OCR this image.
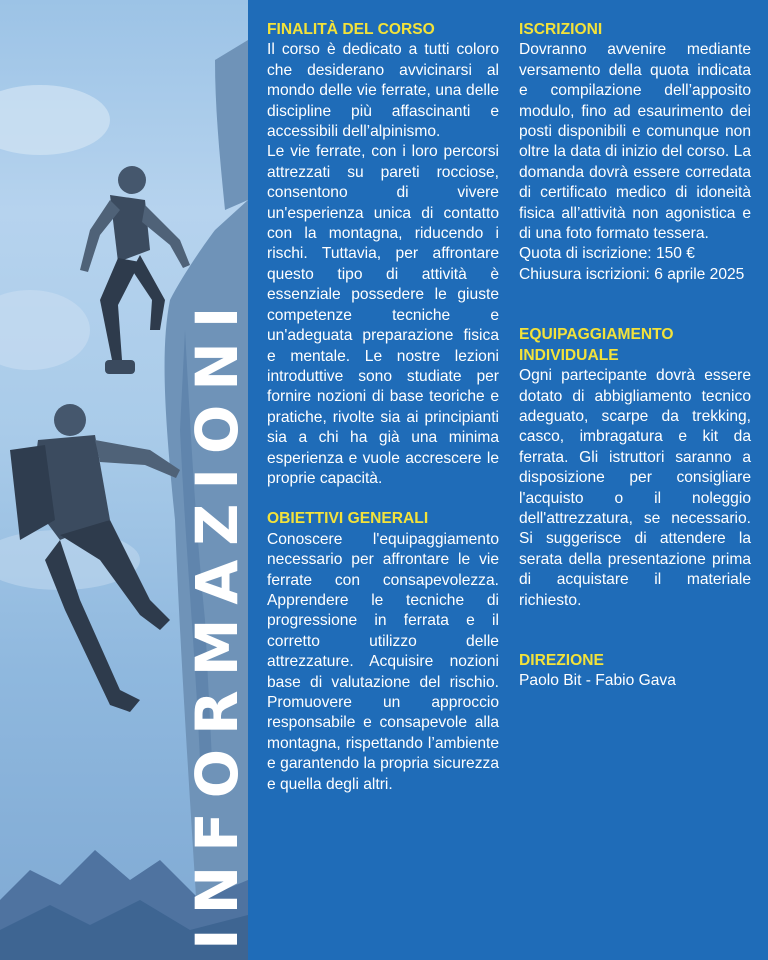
INFORMAZIONI
FINALITÀ DEL CORSO

Il corso è dedicato a tutti coloro che desiderano avvicinarsi al mondo delle vie ferrate, una delle discipline più affascinanti e accessibili dell’alpinismo.

Le vie ferrate, con i loro percorsi attrezzati su pareti rocciose, consentono di vivere un'esperienza unica di contatto con la montagna, riducendo i rischi. Tuttavia, per affrontare questo tipo di attività è essenziale possedere le giuste competenze tecniche e un'adeguata preparazione fisica e mentale. Le nostre lezioni introduttive sono studiate per fornire nozioni di base teoriche e pratiche, rivolte sia ai principianti sia a chi ha già una minima esperienza e vuole accrescere le proprie capacità.

OBIETTIVI GENERALI

Conoscere l'equipaggiamento necessario per affrontare le vie ferrate con consapevolezza. Apprendere le tecniche di progressione in ferrata e il corretto utilizzo delle attrezzature. Acquisire nozioni base di valutazione del rischio. Promuovere un approccio responsabile e consapevole alla montagna, rispettando l’ambiente e garantendo la propria sicurezza e quella degli altri.

ISCRIZIONI

Dovranno avvenire mediante versamento della quota indicata e compilazione dell’apposito modulo, fino ad esaurimento dei posti disponibili e comunque non oltre la data di inizio del corso. La domanda dovrà essere corredata di certificato medico di idoneità fisica all’attività non agonistica e di una foto formato tessera.

Quota di iscrizione: 150 €

Chiusura iscrizioni: 6 aprile 2025

EQUIPAGGIAMENTO
INDIVIDUALE

Ogni partecipante dovrà essere dotato di abbigliamento tecnico adeguato, scarpe da trekking, casco, imbragatura e kit da ferrata. Gli istruttori saranno a disposizione per consigliare l'acquisto o il noleggio dell'attrezzatura, se necessario. Si suggerisce di attendere la serata della presentazione prima di acquistare il materiale richiesto.

DIREZIONE

Paolo Bit - Fabio Gava
